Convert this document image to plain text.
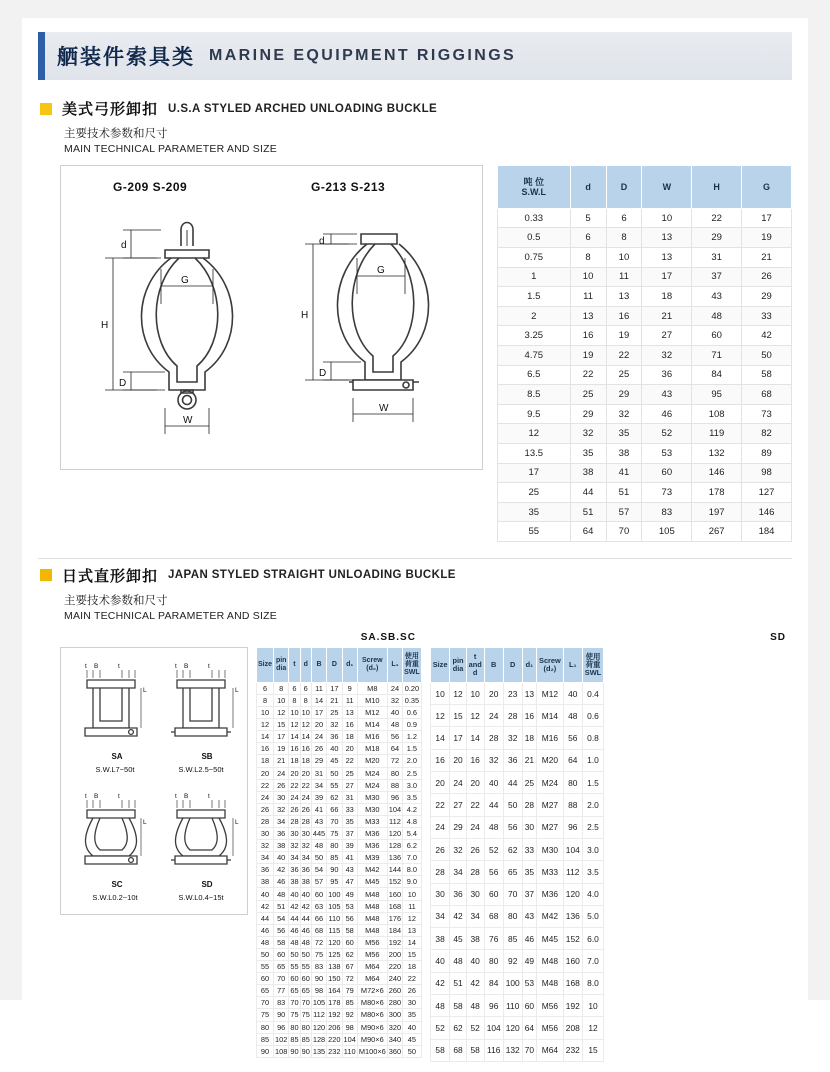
舾装件索具类 MARINE EQUIPMENT RIGGINGS
美式弓形卸扣 U.S.A STYLED ARCHED UNLOADING BUCKLE
主要技术参数和尺寸
MAIN TECHNICAL PARAMETER AND SIZE
G-209 S-209	G-213 S-213
d
H
D
G
W
d
H
D
G
W
吨 位
S.W.L	d	D	W	H	G
0.33	5	6	10	22	17
0.5	6	8	13	29	19
0.75	8	10	13	31	21
1	10	11	17	37	26
1.5	11	13	18	43	29
2	13	16	21	48	33
3.25	16	19	27	60	42
4.75	19	22	32	71	50
6.5	22	25	36	84	58
8.5	25	29	43	95	68
9.5	29	32	46	108	73
12	32	35	52	119	82
13.5	35	38	53	132	89
17	38	41	60	146	98
25	44	51	73	178	127
35	51	57	83	197	146
55	64	70	105	267	184
日式直形卸扣 JAPAN STYLED STRAIGHT UNLOADING BUCKLE
主要技术参数和尺寸
MAIN TECHNICAL PARAMETER AND SIZE
SA.SB.SC	SD
t B	t
L
t B	t
L
t B	t
L
t B	t
L
SA	SB
S.W.L7~50t	S.W.L2.5~50t
SC	SD
S.W.L0.2~10t	S.W.L0.4~15t
Size

pin
dia

t	d	B	D	d₁

Screw
(d₂)

L₁

使用
荷重
SWL

6	8	6	6	11	17	9	M8	24	0.20
8	10	8	8	14	21	11	M10	32	0.35
10	12	10	10	17	25	13	M12	40	0.6
12	15	12	12	20	32	16	M14	48	0.9
14	17	14	14	24	36	18	M16	56	1.2
16	19	16	16	26	40	20	M18	64	1.5
18	21	18	18	29	45	22	M20	72	2.0
20	24	20	20	31	50	25	M24	80	2.5
22	26	22	22	34	55	27	M24	88	3.0
24	30	24	24	39	62	31	M30	96	3.5
26	32	26	26	41	66	33	M30	104	4.2
28	34	28	28	43	70	35	M33	112	4.8
30	36	30	30	445	75	37	M36	120	5.4
32	38	32	32	48	80	39	M36	128	6.2
34	40	34	34	50	85	41	M39	136	7.0
36	42	36	36	54	90	43	M42	144	8.0
38	46	38	38	57	95	47	M45	152	9.0
40	48	40	40	60	100	49	M48	160	10
42	51	42	42	63	105	53	M48	168	11
44	54	44	44	66	110	56	M48	176	12
46	56	46	46	68	115	58	M48	184	13
48	58	48	48	72	120	60	M56	192	14
50	60	50	50	75	125	62	M56	200	15
55	65	55	55	83	138	67	M64	220	18
60	70	60	60	90	150	72	M64	240	22
65	77	65	65	98	164	79	M72×6	260	26
70	83	70	70	105	178	85	M80×6	280	30
75	90	75	75	112	192	92	M80×6	300	35
80	96	80	80	120	206	98	M90×6	320	40
85	102	85	85	128	220	104	M90×6	340	45
90	108	90	90	135	232	110	M100×6	360	50
Size	pin
dia

t
and
d

B	D	d₁	Screw
(d₂)	L₁

使用
荷重
SWL

10	12	10	20	23	13	M12	40	0.4
12	15	12	24	28	16	M14	48	0.6
14	17	14	28	32	18	M16	56	0.8
16	20	16	32	36	21	M20	64	1.0
20	24	20	40	44	25	M24	80	1.5
22	27	22	44	50	28	M27	88	2.0
24	29	24	48	56	30	M27	96	2.5
26	32	26	52	62	33	M30	104	3.0
28	34	28	56	65	35	M33	112	3.5
30	36	30	60	70	37	M36	120	4.0
34	42	34	68	80	43	M42	136	5.0
38	45	38	76	85	46	M45	152	6.0
40	48	40	80	92	49	M48	160	7.0
42	51	42	84	100	53	M48	168	8.0
48	58	48	96	110	60	M56	192	10
52	62	52	104	120	64	M56	208	12
58	68	58	116	132	70	M64	232	15
